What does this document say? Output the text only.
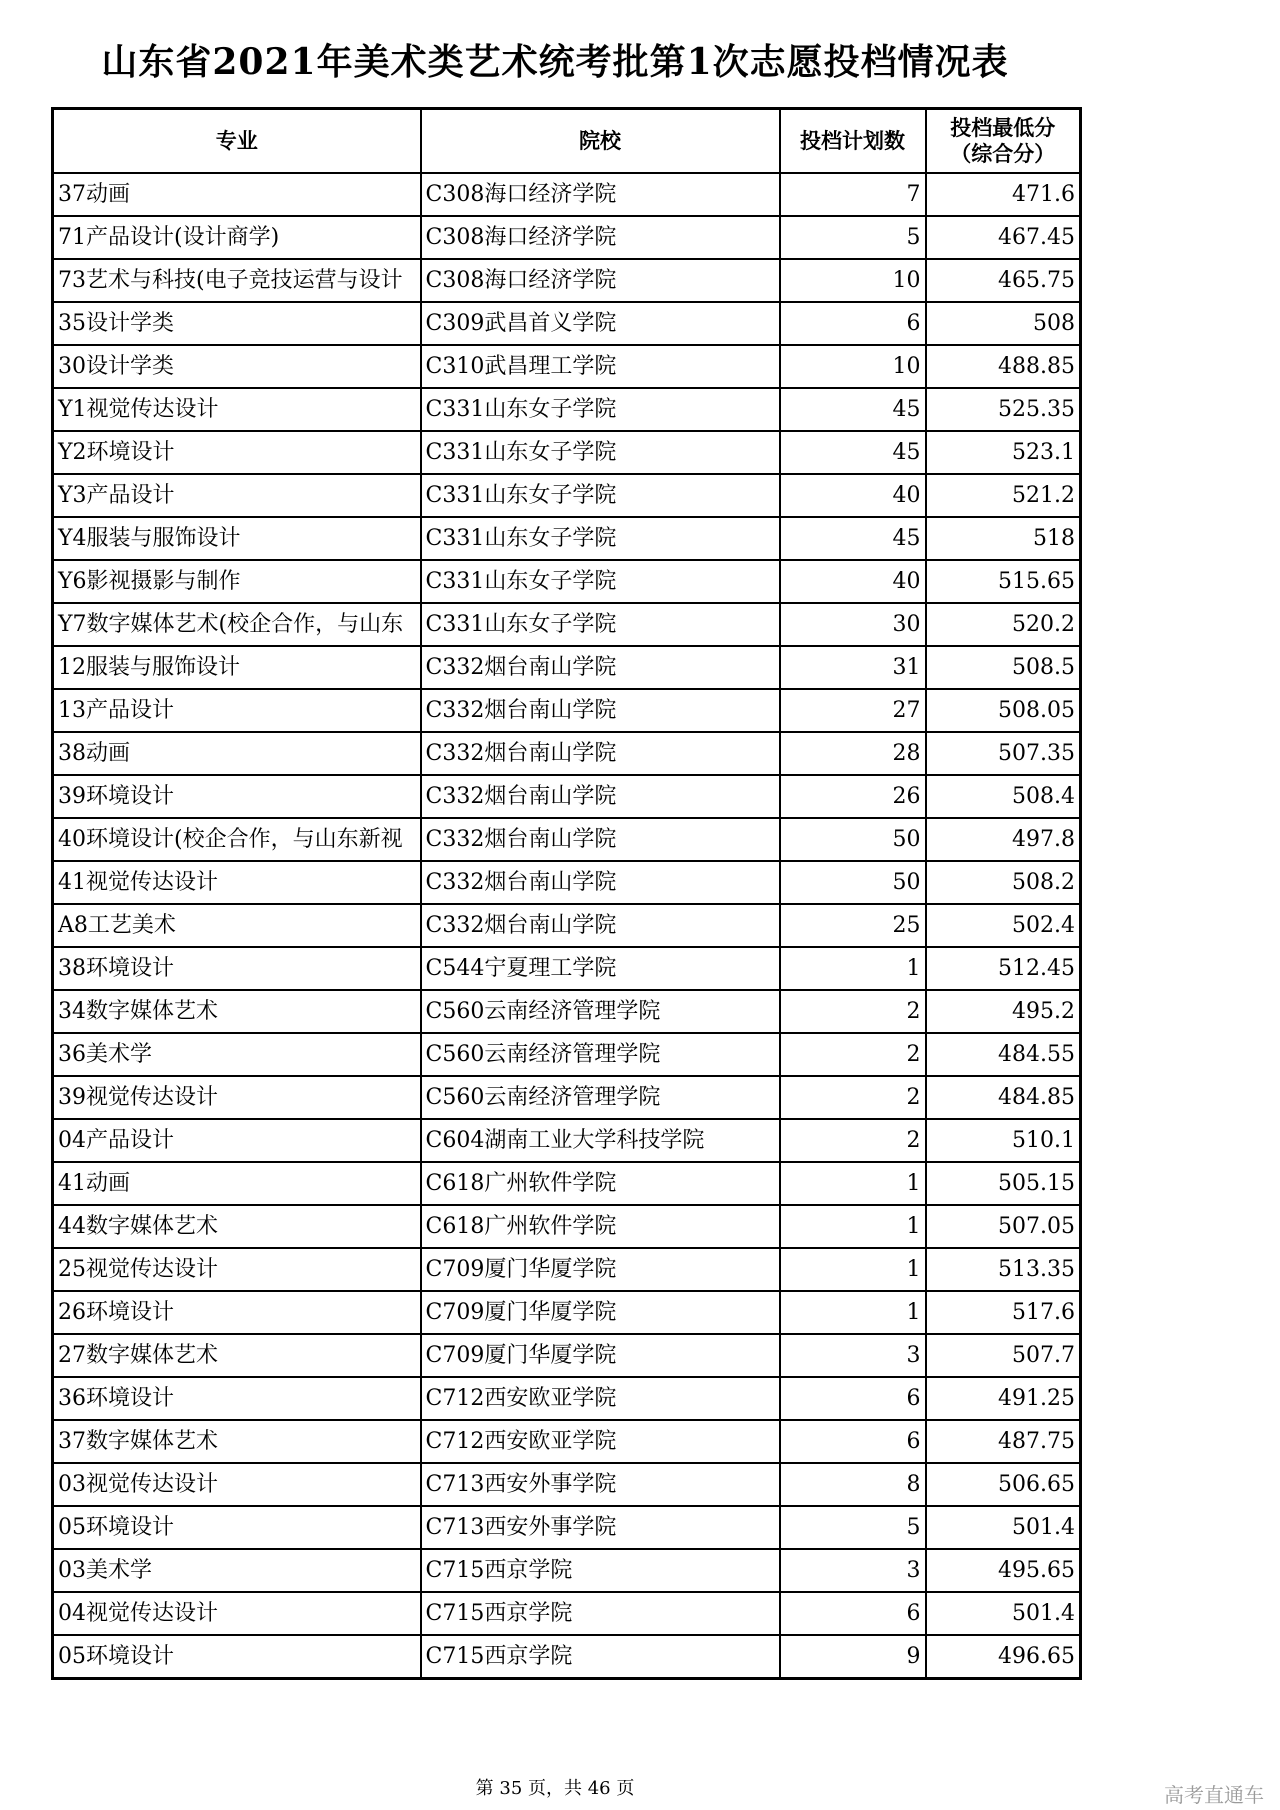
山东省2021年美术类艺术统考批第1次志愿投档情况表
专业	院校	投档计划数	投档最低分
（综合分）
37动画	C308海口经济学院	7	471.6
71产品设计(设计商学)	C308海口经济学院	5	467.45
73艺术与科技(电子竞技运营与设计	C308海口经济学院	10	465.75
35设计学类	C309武昌首义学院	6	508
30设计学类	C310武昌理工学院	10	488.85
Y1视觉传达设计	C331山东女子学院	45	525.35
Y2环境设计	C331山东女子学院	45	523.1
Y3产品设计	C331山东女子学院	40	521.2
Y4服装与服饰设计	C331山东女子学院	45	518
Y6影视摄影与制作	C331山东女子学院	40	515.65
Y7数字媒体艺术(校企合作，与山东	C331山东女子学院	30	520.2
12服装与服饰设计	C332烟台南山学院	31	508.5
13产品设计	C332烟台南山学院	27	508.05
38动画	C332烟台南山学院	28	507.35
39环境设计	C332烟台南山学院	26	508.4
40环境设计(校企合作，与山东新视	C332烟台南山学院	50	497.8
41视觉传达设计	C332烟台南山学院	50	508.2
A8工艺美术	C332烟台南山学院	25	502.4
38环境设计	C544宁夏理工学院	1	512.45
34数字媒体艺术	C560云南经济管理学院	2	495.2
36美术学	C560云南经济管理学院	2	484.55
39视觉传达设计	C560云南经济管理学院	2	484.85
04产品设计	C604湖南工业大学科技学院	2	510.1
41动画	C618广州软件学院	1	505.15
44数字媒体艺术	C618广州软件学院	1	507.05
25视觉传达设计	C709厦门华厦学院	1	513.35
26环境设计	C709厦门华厦学院	1	517.6
27数字媒体艺术	C709厦门华厦学院	3	507.7
36环境设计	C712西安欧亚学院	6	491.25
37数字媒体艺术	C712西安欧亚学院	6	487.75
03视觉传达设计	C713西安外事学院	8	506.65
05环境设计	C713西安外事学院	5	501.4
03美术学	C715西京学院	3	495.65
04视觉传达设计	C715西京学院	6	501.4
05环境设计	C715西京学院	9	496.65
第 35 页，共 46 页	高考直通车
